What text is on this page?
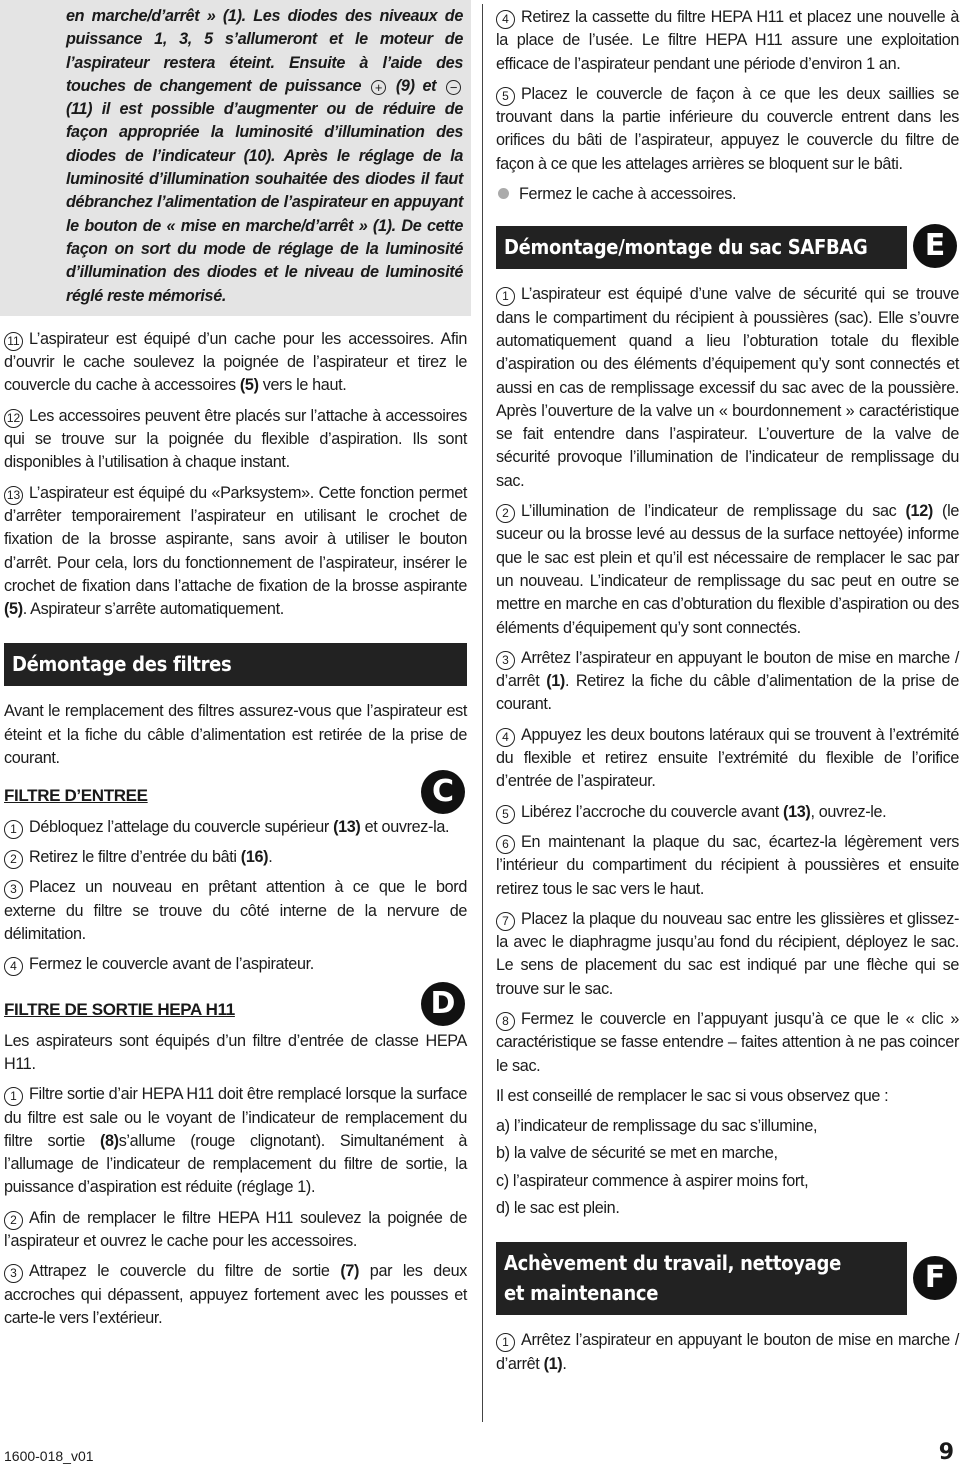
en marche/d’arrêt » (1). Les diodes des niveaux de puissance 1, 3, 5 s’allumeront et le moteur de l’aspirateur restera éteint. Ensuite à l’aide des touches de changement de puissance + (9) et − (11) il est possible d’augmenter ou de réduire de façon appropriée la luminosité d’illumination des diodes de l’indicateur (10). Après le réglage de la luminosité d’illumination souhaitée des diodes il faut débranchez l’alimentation de l’aspirateur en appuyant le bouton de « mise en marche/d’arrêt » (1). De cette façon on sort du mode de réglage de la luminosité d’illumination des diodes et le niveau de luminosité réglé reste mémorisé.

11 L’aspirateur est équipé d’un cache pour les accessoires. Afin d’ouvrir le cache soulevez la poignée de l’aspirateur et tirez le couvercle du cache à accessoires (5) vers le haut.

12 Les accessoires peuvent être placés sur l’attache à accessoires qui se trouve sur la poignée du flexible d’aspiration. Ils sont disponibles à l’utilisation à chaque instant.

13 L’aspirateur est équipé du «Parksystem». Cette fonction permet d’arrêter temporairement l’aspirateur en utilisant le crochet de fixation de la brosse aspirante, sans avoir à utiliser le bouton d’arrêt. Pour cela, lors du fonctionnement de l’aspirateur, insérer le crochet de fixation dans l’attache de fixation de la brosse aspirante (5). Aspirateur s’arrête automatiquement.

Démontage des filtres

Avant le remplacement des filtres assurez-vous que l’aspirateur est éteint et la fiche du câble d’alimentation est retirée de la prise de courant.

FILTRE D’ENTREE	C

1 Débloquez l’attelage du couvercle supérieur (13) et ouvrez-la.

2 Retirez le filtre d’entrée du bâti (16).

3 Placez un nouveau en prêtant attention à ce que le bord externe du filtre se trouve du côté interne de la nervure de délimitation.

4 Fermez le couvercle avant de l’aspirateur.

FILTRE DE SORTIE HEPA H11	D

Les aspirateurs sont équipés d’un filtre d’entrée de classe HEPA H11.

1 Filtre sortie d’air HEPA H11 doit être remplacé lorsque la surface du filtre est sale ou le voyant de l’indicateur de remplacement du filtre sortie (8)s’allume (rouge clignotant). Simultanément à l’allumage de l’indicateur de remplacement du filtre de sortie, la puissance d’aspiration est réduite (réglage 1).

2 Afin de remplacer le filtre HEPA H11 soulevez la poignée de l’aspirateur et ouvrez le cache pour les accessoires.

3 Attrapez le couvercle du filtre de sortie (7) par les deux accroches qui dépassent, appuyez fortement avec les pousses et carte-le vers l’extérieur.

4 Retirez la cassette du filtre HEPA H11 et placez une nouvelle à la place de l’usée. Le filtre HEPA H11 assure une exploitation efficace de l’aspirateur pendant une période d’environ 1 an.

5 Placez le couvercle de façon à ce que les deux saillies se trouvant dans la partie inférieure du couvercle entrent dans les orifices du bâti de l’aspirateur, appuyez le couvercle du filtre de façon à ce que les attelages arrières se bloquent sur le bâti.

Fermez le cache à accessoires.

Démontage/montage du sac SAFBAG	E

1 L’aspirateur est équipé d’une valve de sécurité qui se trouve dans le compartiment du récipient à poussières (sac). Elle s’ouvre automatiquement quand a lieu l’obturation totale du flexible d’aspiration ou des éléments d’équipement qu’y sont connectés et aussi en cas de remplissage excessif du sac avec de la poussière. Après l’ouverture de la valve un « bourdonnement » caractéristique se fait entendre dans l’aspirateur. L’ouverture de la valve de sécurité provoque l’illumination de l’indicateur de remplissage du sac.

2 L’illumination de l’indicateur de remplissage du sac (12) (le suceur ou la brosse levé au dessus de la surface nettoyée) informe que le sac est plein et qu’il est nécessaire de remplacer le sac par un nouveau. L’indicateur de remplissage du sac peut en outre se mettre en marche en cas d’obturation du flexible d’aspiration ou des éléments d’équipement qu’y sont connectés.

3 Arrêtez l’aspirateur en appuyant le bouton de mise en marche / d’arrêt (1). Retirez la fiche du câble d’alimentation de la prise de courant.

4 Appuyez les deux boutons latéraux qui se trouvent à l’extrémité du flexible et retirez ensuite l’extrémité du flexible de l’orifice d’entrée de l’aspirateur.

5 Libérez l’accroche du couvercle avant (13), ouvrez-le.

6 En maintenant la plaque du sac, écartez-la légèrement vers l’intérieur du compartiment du récipient à poussières et ensuite retirez tous le sac vers le haut.

7 Placez la plaque du nouveau sac entre les glissières et glissez-la avec le diaphragme jusqu’au fond du récipient, déployez le sac. Le sens de placement du sac est indiqué par une flèche qui se trouve sur le sac.

8 Fermez le couvercle en l’appuyant jusqu’à ce que le « clic » caractéristique se fasse entendre – faites attention à ne pas coincer le sac.

Il est conseillé de remplacer le sac si vous observez que :

a) l’indicateur de remplissage du sac s’illumine,

b) la valve de sécurité se met en marche,

c) l’aspirateur commence à aspirer moins fort,

d) le sac est plein.

Achèvement du travail, nettoyage
et maintenance	F

1 Arrêtez l’aspirateur en appuyant le bouton de mise en marche / d’arrêt (1).

1600-018_v01	9
